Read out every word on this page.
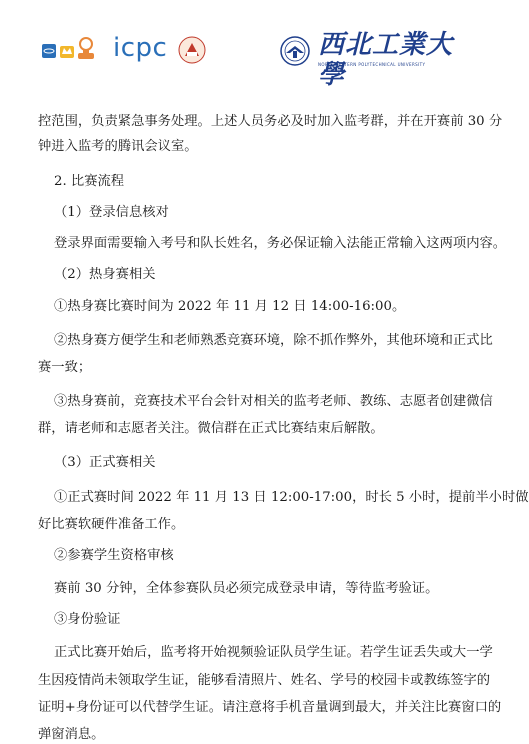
icpc	西北工業大學
NORTHWESTERN POLYTECHNICAL UNIVERSITY
控范围，负责紧急事务处理。上述人员务必及时加入监考群，并在开赛前 30 分
钟进入监考的腾讯会议室。
2. 比赛流程
（1）登录信息核对
登录界面需要输入考号和队长姓名，务必保证输入法能正常输入这两项内容。
（2）热身赛相关
①热身赛比赛时间为 2022 年 11 月 12 日 14:00-16:00。
②热身赛方便学生和老师熟悉竞赛环境，除不抓作弊外，其他环境和正式比
赛一致；
③热身赛前，竞赛技术平台会针对相关的监考老师、教练、志愿者创建微信
群，请老师和志愿者关注。微信群在正式比赛结束后解散。
（3）正式赛相关
①正式赛时间 2022 年 11 月 13 日 12:00-17:00，时长 5 小时，提前半小时做
好比赛软硬件准备工作。
②参赛学生资格审核
赛前 30 分钟，全体参赛队员必须完成登录申请，等待监考验证。
③身份验证
正式比赛开始后，监考将开始视频验证队员学生证。若学生证丢失或大一学
生因疫情尚未领取学生证，能够看清照片、姓名、学号的校园卡或教练签字的
证明+身份证可以代替学生证。请注意将手机音量调到最大，并关注比赛窗口的
弹窗消息。
